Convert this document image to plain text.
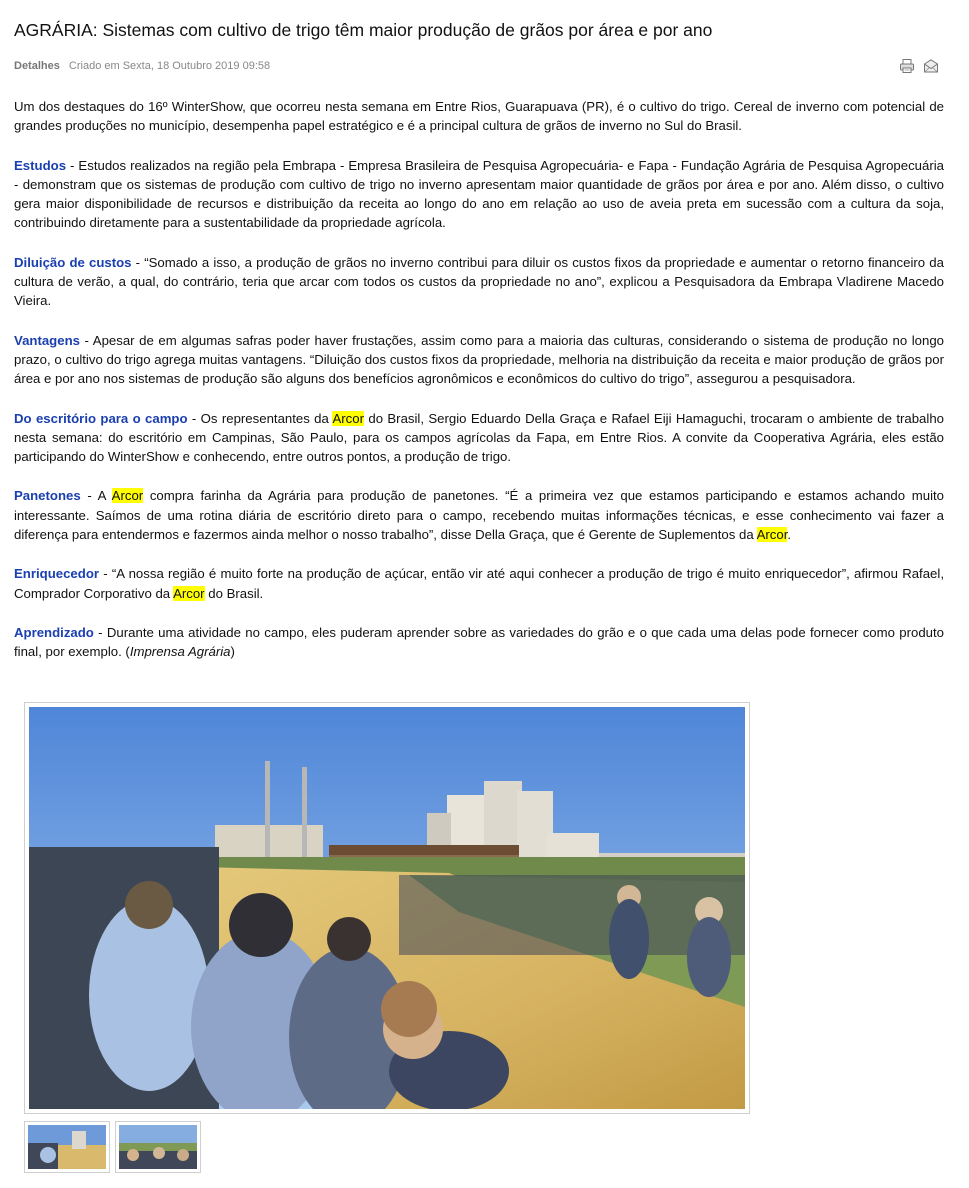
AGRÁRIA: Sistemas com cultivo de trigo têm maior produção de grãos por área e por ano
Detalhes Criado em Sexta, 18 Outubro 2019 09:58

Um dos destaques do 16º WinterShow, que ocorreu nesta semana em Entre Rios, Guarapuava (PR), é o cultivo do trigo. Cereal de inverno com potencial de grandes produções no município, desempenha papel estratégico e é a principal cultura de grãos de inverno no Sul do Brasil.

Estudos - Estudos realizados na região pela Embrapa - Empresa Brasileira de Pesquisa Agropecuária- e Fapa - Fundação Agrária de Pesquisa Agropecuária - demonstram que os sistemas de produção com cultivo de trigo no inverno apresentam maior quantidade de grãos por área e por ano. Além disso, o cultivo gera maior disponibilidade de recursos e distribuição da receita ao longo do ano em relação ao uso de aveia preta em sucessão com a cultura da soja, contribuindo diretamente para a sustentabilidade da propriedade agrícola.

Diluição de custos - “Somado a isso, a produção de grãos no inverno contribui para diluir os custos fixos da propriedade e aumentar o retorno financeiro da cultura de verão, a qual, do contrário, teria que arcar com todos os custos da propriedade no ano”, explicou a Pesquisadora da Embrapa Vladirene Macedo Vieira.

Vantagens - Apesar de em algumas safras poder haver frustações, assim como para a maioria das culturas, considerando o sistema de produção no longo prazo, o cultivo do trigo agrega muitas vantagens. “Diluição dos custos fixos da propriedade, melhoria na distribuição da receita e maior produção de grãos por área e por ano nos sistemas de produção são alguns dos benefícios agronômicos e econômicos do cultivo do trigo”, assegurou a pesquisadora.

Do escritório para o campo - Os representantes da Arcor do Brasil, Sergio Eduardo Della Graça e Rafael Eiji Hamaguchi, trocaram o ambiente de trabalho nesta semana: do escritório em Campinas, São Paulo, para os campos agrícolas da Fapa, em Entre Rios. A convite da Cooperativa Agrária, eles estão participando do WinterShow e conhecendo, entre outros pontos, a produção de trigo.

Panetones - A Arcor compra farinha da Agrária para produção de panetones. “É a primeira vez que estamos participando e estamos achando muito interessante. Saímos de uma rotina diária de escritório direto para o campo, recebendo muitas informações técnicas, e esse conhecimento vai fazer a diferença para entendermos e fazermos ainda melhor o nosso trabalho”, disse Della Graça, que é Gerente de Suplementos da Arcor.

Enriquecedor - “A nossa região é muito forte na produção de açúcar, então vir até aqui conhecer a produção de trigo é muito enriquecedor”, afirmou Rafael, Comprador Corporativo da Arcor do Brasil.

Aprendizado - Durante uma atividade no campo, eles puderam aprender sobre as variedades do grão e o que cada uma delas pode fornecer como produto final, por exemplo. (Imprensa Agrária)
